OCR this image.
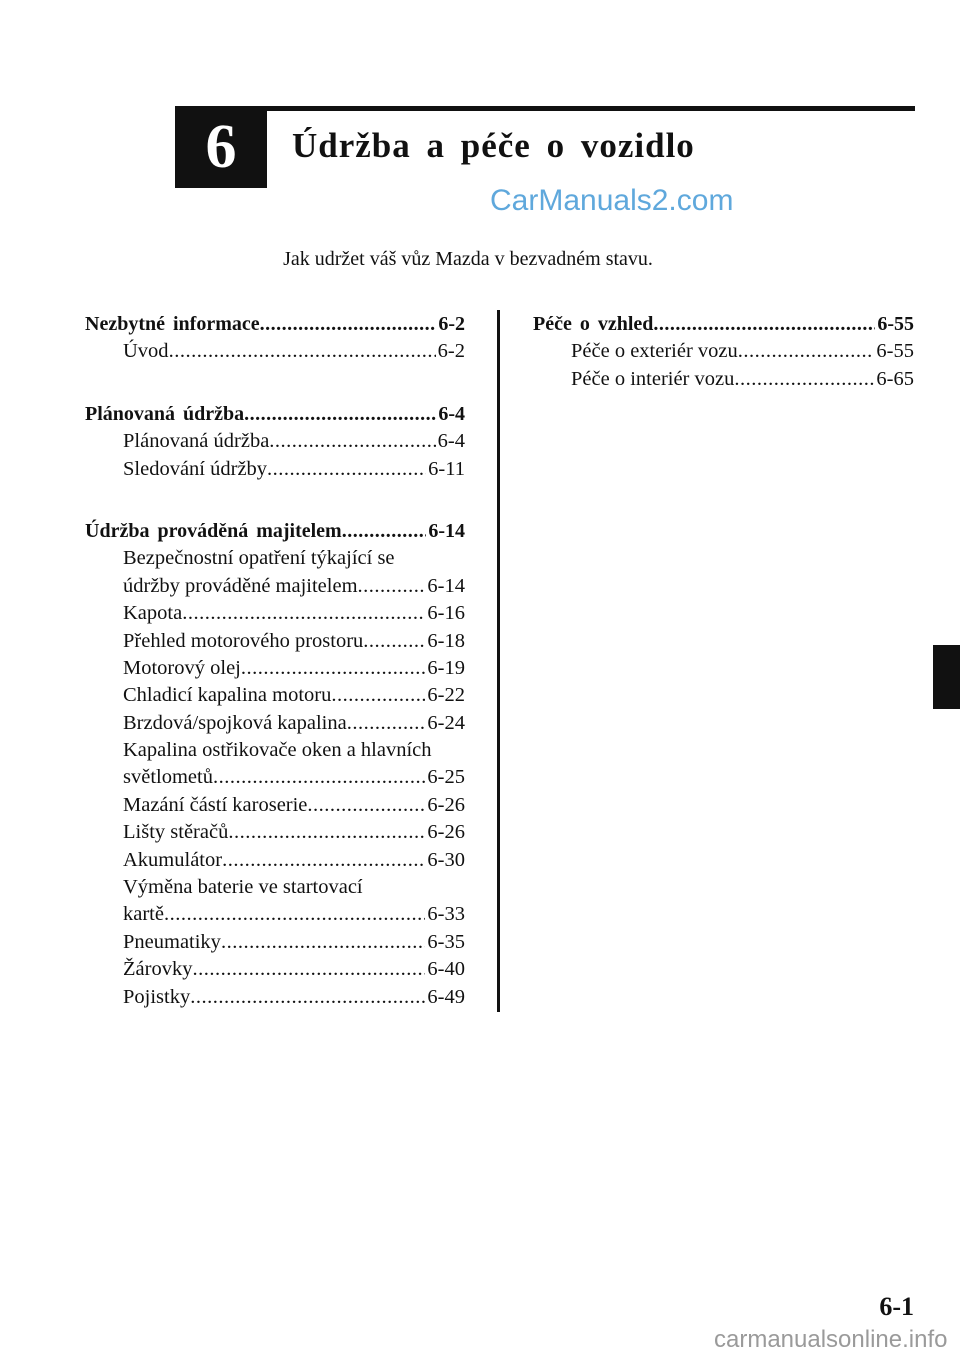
6 Údržba a péče o vozidlo
CarManuals2.com
Jak udržet váš vůz Mazda v bezvadném stavu.
Nezbytné informace .....	6-2
Úvod .....	6-2
Plánovaná údržba .....	6-4
Plánovaná údržba .....	6-4
Sledování údržby .....	6-11
Údržba prováděná majitelem .....	6-14
Bezpečnostní opatření týkající se
údržby prováděné majitelem .....	6-14
Kapota .....	6-16
Přehled motorového prostoru .....	6-18
Motorový olej .....	6-19
Chladicí kapalina motoru .....	6-22
Brzdová/spojková kapalina .....	6-24
Kapalina ostřikovače oken a hlavních
světlometů .....	6-25
Mazání částí karoserie .....	6-26
Lišty stěračů .....	6-26
Akumulátor .....	6-30
Výměna baterie ve startovací
kartě .....	6-33
Pneumatiky .....	6-35
Žárovky .....	6-40
Pojistky .....	6-49
Péče o vzhled .....	6-55
Péče o exteriér vozu .....	6-55
Péče o interiér vozu .....	6-65
6-1
carmanualsonline.info
